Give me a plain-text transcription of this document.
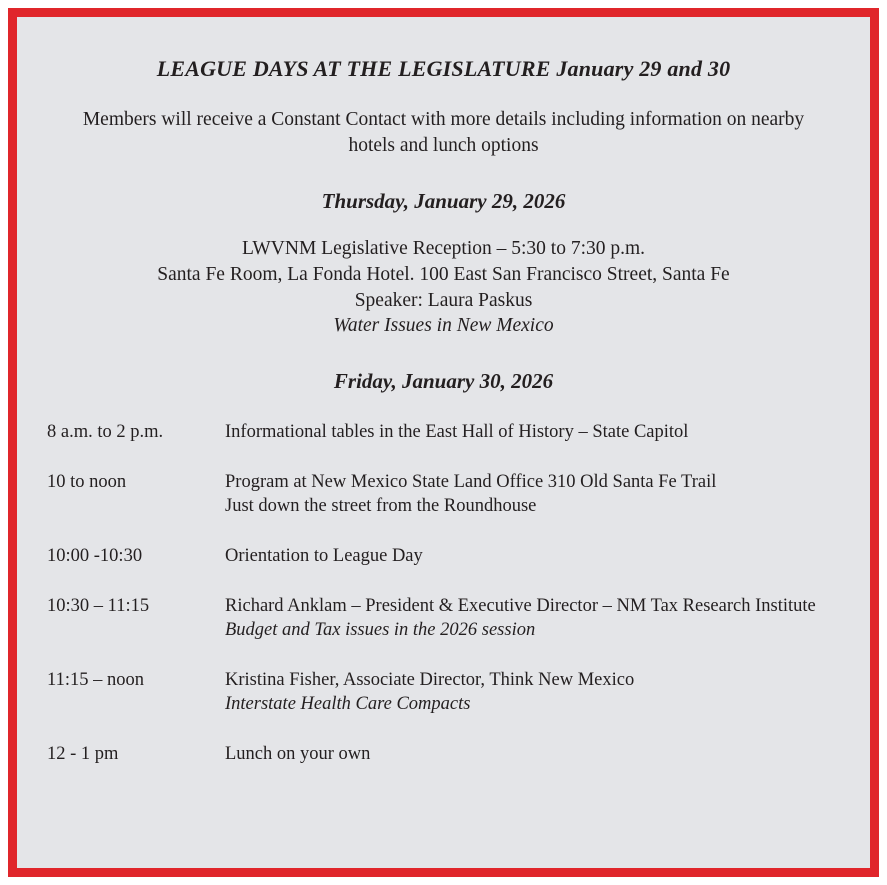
LEAGUE DAYS AT THE LEGISLATURE January 29 and 30
Members will receive a Constant Contact with more details including information on nearby hotels and lunch options
Thursday, January 29, 2026
LWVNM Legislative Reception – 5:30 to 7:30 p.m.
Santa Fe Room, La Fonda Hotel. 100 East San Francisco Street, Santa Fe
Speaker: Laura Paskus
Water Issues in New Mexico
Friday, January 30, 2026
8 a.m. to 2 p.m.	Informational tables in the East Hall of History – State Capitol

10 to noon	Program at New Mexico State Land Office 310 Old Santa Fe Trail
Just down the street from the Roundhouse

10:00 -10:30	Orientation to League Day

10:30 – 11:15	Richard Anklam – President & Executive Director – NM Tax Research Institute
Budget and Tax issues in the 2026 session

11:15 – noon	Kristina Fisher, Associate Director, Think New Mexico
Interstate Health Care Compacts

12 - 1 pm	Lunch on your own
